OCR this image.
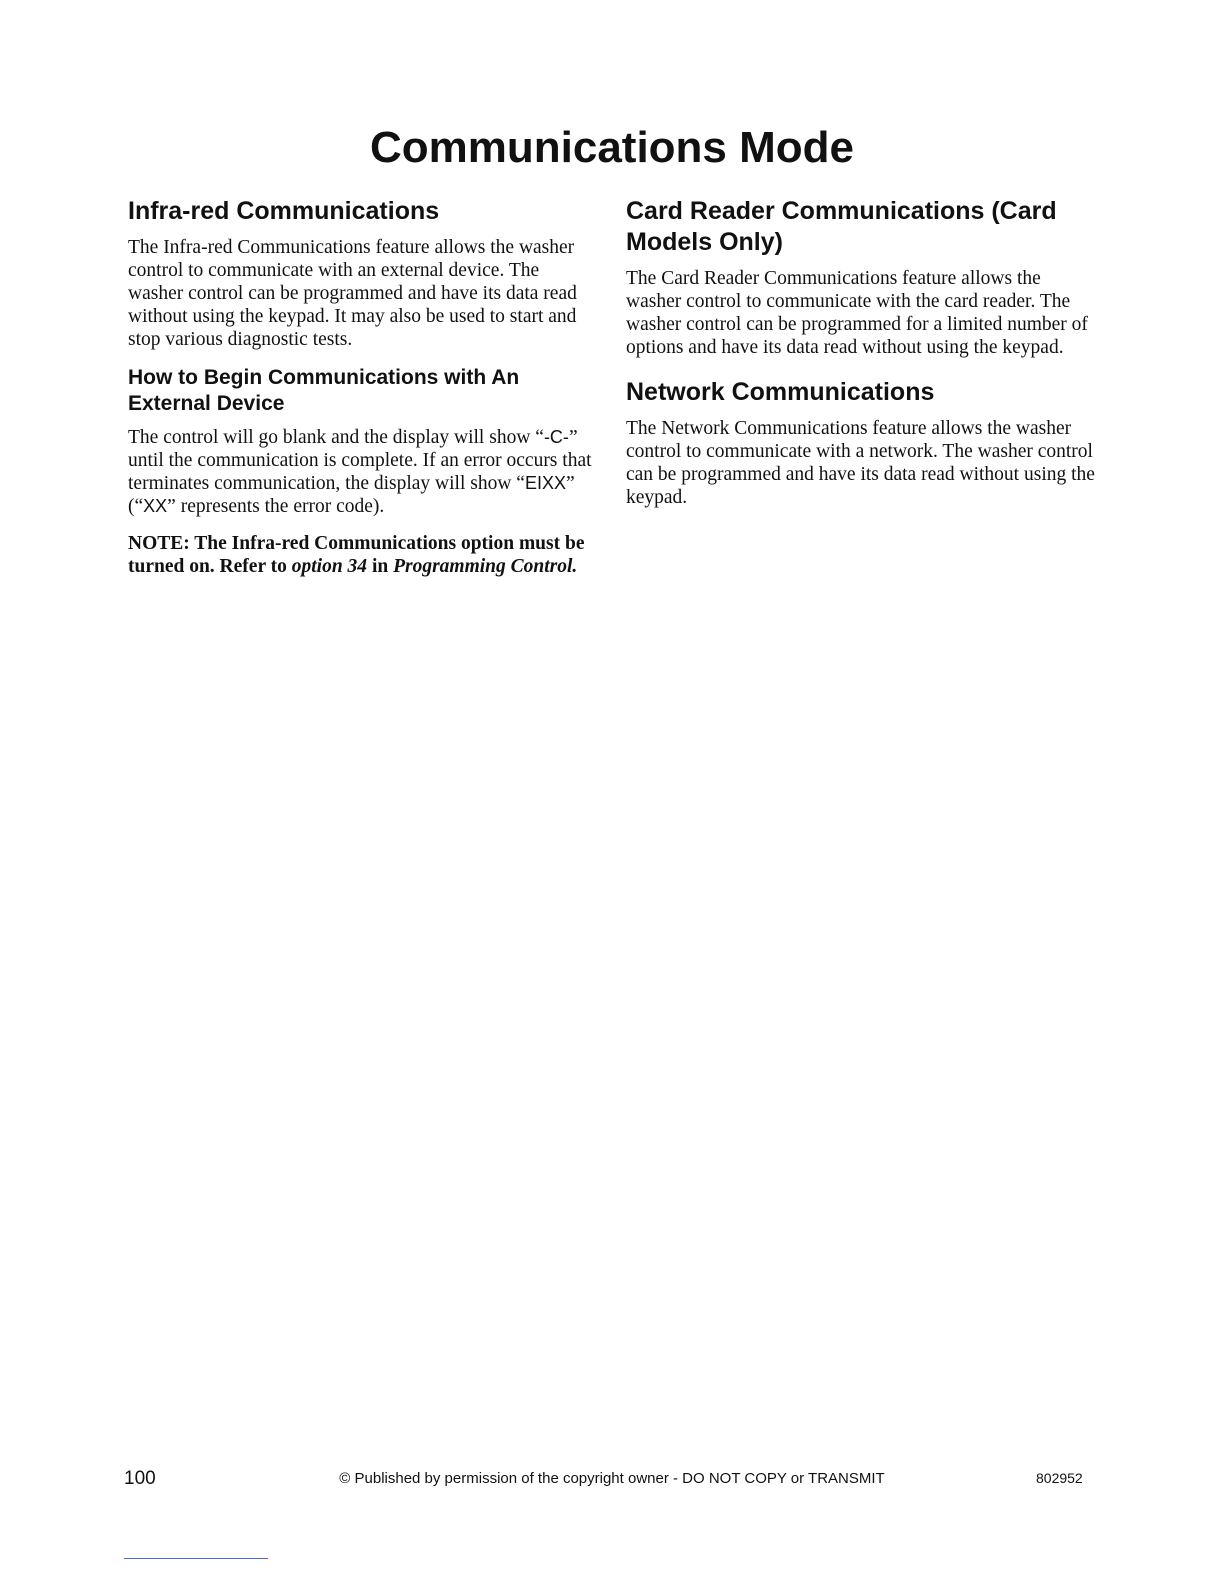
Communications Mode
Infra-red Communications

The Infra-red Communications feature allows the washer control to communicate with an external device. The washer control can be programmed and have its data read without using the keypad. It may also be used to start and stop various diagnostic tests.

How to Begin Communications with An External Device

The control will go blank and the display will show “-C-” until the communication is complete. If an error occurs that terminates communication, the display will show “EIXX” (“XX” represents the error code).

NOTE: The Infra-red Communications option must be turned on. Refer to option 34 in Programming Control.

Card Reader Communications (Card Models Only)

The Card Reader Communications feature allows the washer control to communicate with the card reader. The washer control can be programmed for a limited number of options and have its data read without using the keypad.

Network Communications

The Network Communications feature allows the washer control to communicate with a network. The washer control can be programmed and have its data read without using the keypad.

100	© Published by permission of the copyright owner - DO NOT COPY or TRANSMIT	802952
